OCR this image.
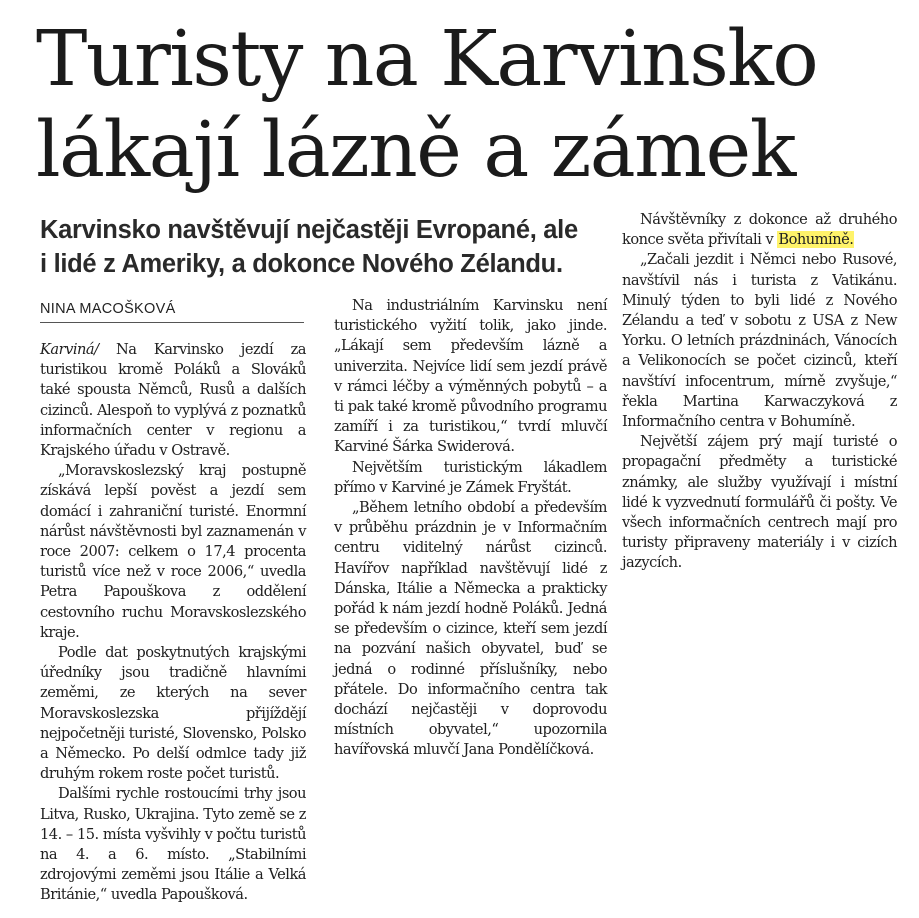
Turisty na Karvinsko
lákají lázně a zámek
Karvinsko navštěvují nejčastěji Evropané, ale
i lidé z Ameriky, a dokonce Nového Zélandu.
NINA MACOŠKOVÁ

Karviná/ Na Karvinsko jezdí za turistikou kromě Poláků a Slováků také spousta Němců, Rusů a dalších cizinců. Alespoň to vyplývá z poznatků informačních center v regionu a Krajského úřadu v Ostravě.

„Moravskoslezský kraj postupně získává lepší pověst a jezdí sem domácí i zahraniční turisté. Enormní nárůst návštěvnosti byl zaznamenán v roce 2007: celkem o 17,4 procenta turistů více než v roce 2006,“ uvedla Petra Papouškova z oddělení cestovního ruchu Moravskoslezského kraje.

Podle dat poskytnutých krajskými úředníky jsou tradičně hlavními zeměmi, ze kterých na sever Moravskoslezska přijíždějí nejpočetněji turisté, Slovensko, Polsko a Německo. Po delší odmlce tady již druhým rokem roste počet turistů.

Dalšími rychle rostoucími trhy jsou Litva, Rusko, Ukrajina. Tyto země se z 14. – 15. místa vyšvihly v počtu turistů na 4. a 6. místo. „Stabilními zdrojovými zeměmi jsou Itálie a Velká Británie,“ uvedla Papoušková.

Na industriálním Karvinsku není turistického vyžití tolik, jako jinde. „Lákají sem především lázně a univerzita. Nejvíce lidí sem jezdí právě v rámci léčby a výměnných pobytů – a ti pak také kromě původního programu zamíří i za turistikou,“ tvrdí mluvčí Karviné Šárka Swiderová.

Největším turistickým lákadlem přímo v Karviné je Zámek Fryštát.

„Během letního období a především v průběhu prázdnin je v Informačním centru viditelný nárůst cizinců. Havířov například navštěvují lidé z Dánska, Itálie a Německa a prakticky pořád k nám jezdí hodně Poláků. Jedná se především o cizince, kteří sem jezdí na pozvání našich obyvatel, buď se jedná o rodinné příslušníky, nebo přátele. Do informačního centra tak dochází nejčastěji v doprovodu místních obyvatel,“ upozornila havířovská mluvčí Jana Pondělíčková.

Návštěvníky z dokonce až druhého konce světa přivítali v Bohumíně.

„Začali jezdit i Němci nebo Rusové, navštívil nás i turista z Vatikánu. Minulý týden to byli lidé z Nového Zélandu a teď v sobotu z USA z New Yorku. O letních prázdninách, Vánocích a Velikonocích se počet cizinců, kteří navštíví infocentrum, mírně zvyšuje,“ řekla Martina Karwaczyková z Informačního centra v Bohumíně.

Největší zájem prý mají turisté o propagační předměty a turistické známky, ale služby využívají i místní lidé k vyzvednutí formulářů či pošty. Ve všech informačních centrech mají pro turisty připraveny materiály i v cizích jazycích.
